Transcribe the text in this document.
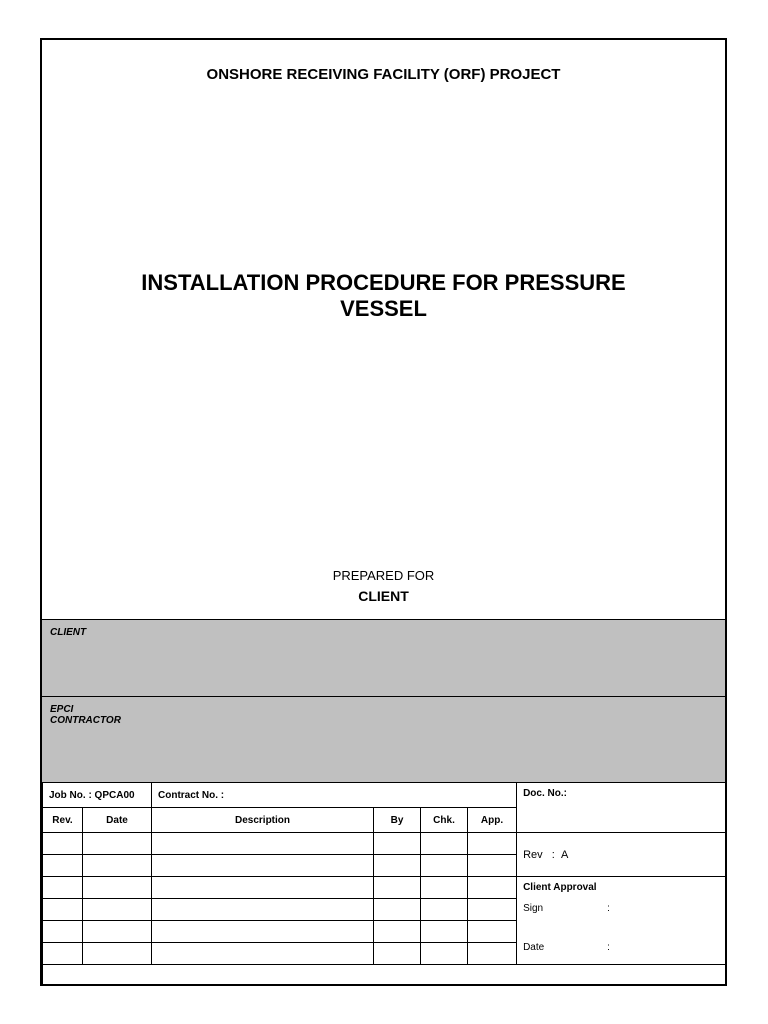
ONSHORE RECEIVING FACILITY (ORF) PROJECT
INSTALLATION PROCEDURE FOR PRESSURE
VESSEL
PREPARED FOR
CLIENT
CLIENT
EPCI
CONTRACTOR
Job No. : QPCA00		Contract No. :				Doc. No.:
Rev.	Date	Description	By	Chk.	App.	
						Rev : A

						Client Approval
Sign :
Date :
